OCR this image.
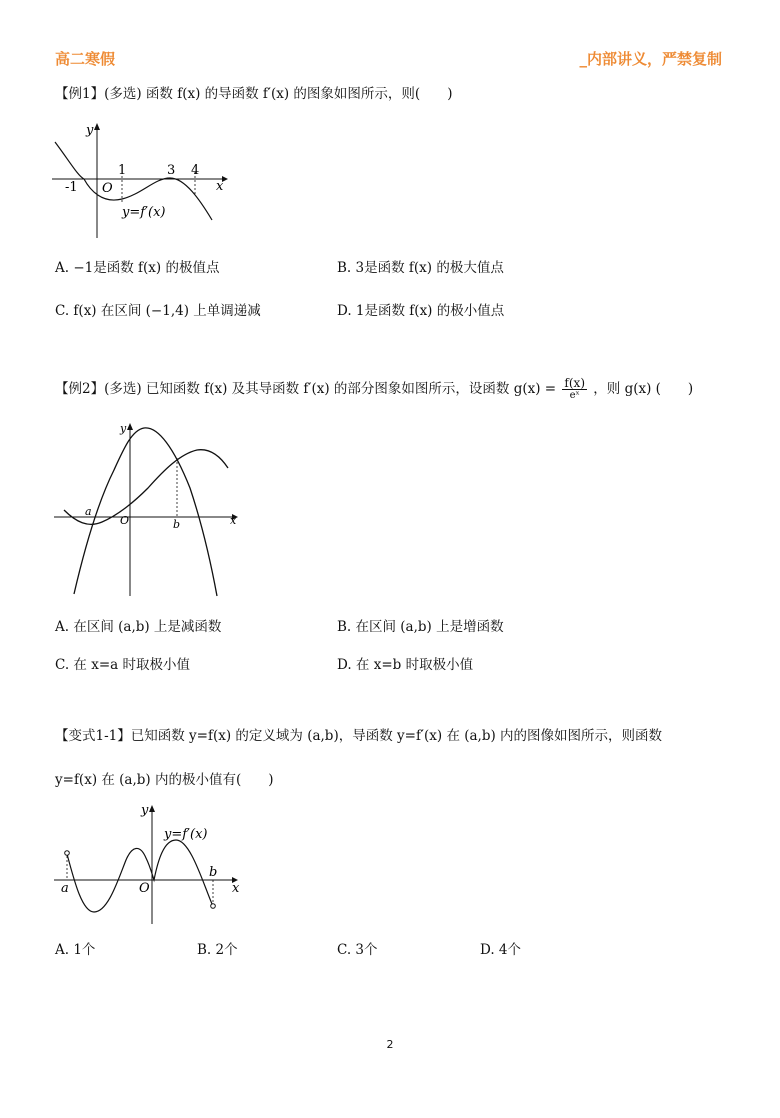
高二寒假	_内部讲义，严禁复制
【例1】(多选) 函数 f(x) 的导函数 f′(x) 的图象如图所示，则(　　)
y
x
O
-1
1	3 4
y=f′(x)
A. −1是函数 f(x) 的极值点	B. 3是函数 f(x) 的极大值点
C. f(x) 在区间 (−1,4) 上单调递减	D. 1是函数 f(x) 的极小值点
【例2】(多选) 已知函数 f(x) 及其导函数 f′(x) 的部分图象如图所示，设函数 $g(x) = \frac{f(x)}{\text{eˣ}}$ ，则 g(x) (　　)
y
x
O
a
b
A. 在区间 (a,b) 上是减函数	B. 在区间 (a,b) 上是增函数
C. 在 x=a 时取极小值	D. 在 x=b 时取极小值
【变式1-1】已知函数 y=f(x) 的定义域为 (a,b)，导函数 y=f′(x) 在 (a,b) 内的图像如图所示，则函数
y=f(x) 在 (a,b) 内的极小值有(　　)
y
x
O
a
b
y=f′(x)
A. 1个	B. 2个	C. 3个	D. 4个
2
